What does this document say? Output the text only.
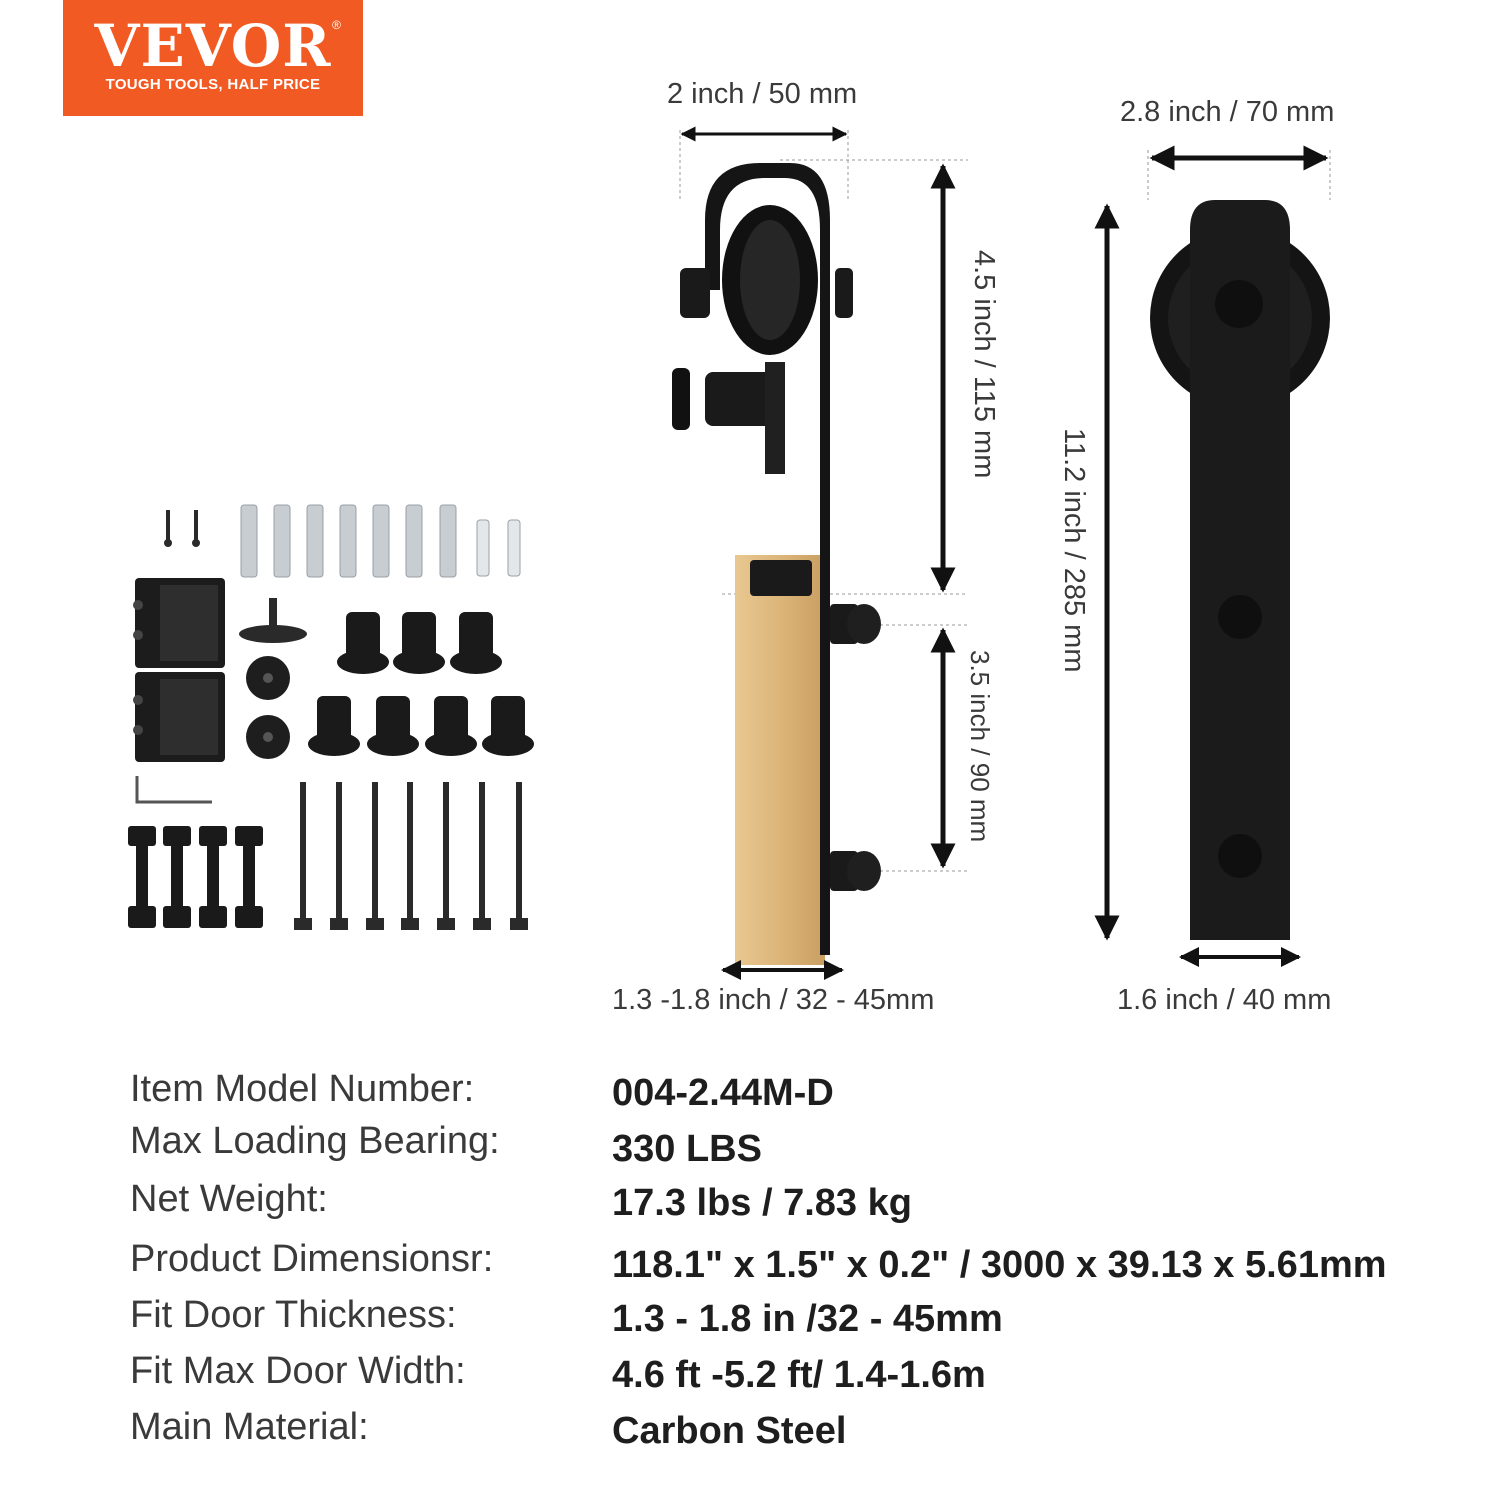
VEVOR ®
TOUGH TOOLS, HALF PRICE	2 inch / 50 mm
2.8 inch / 70 mm
4.5 inch / 115 mm
3.5 inch / 90 mm
11.2 inch / 285 mm
1.3 -1.8 inch / 32 - 45mm	1.6 inch / 40 mm
Item Model Number:	004-2.44M-D
Max Loading Bearing:	330 LBS
Net Weight:	17.3 lbs / 7.83 kg
Product Dimensionsr:	118.1" x 1.5" x 0.2" / 3000 x 39.13 x 5.61mm
Fit Door Thickness:	1.3 - 1.8 in /32 - 45mm
Fit Max Door Width:	4.6 ft -5.2 ft/ 1.4-1.6m
Main Material:	Carbon Steel
